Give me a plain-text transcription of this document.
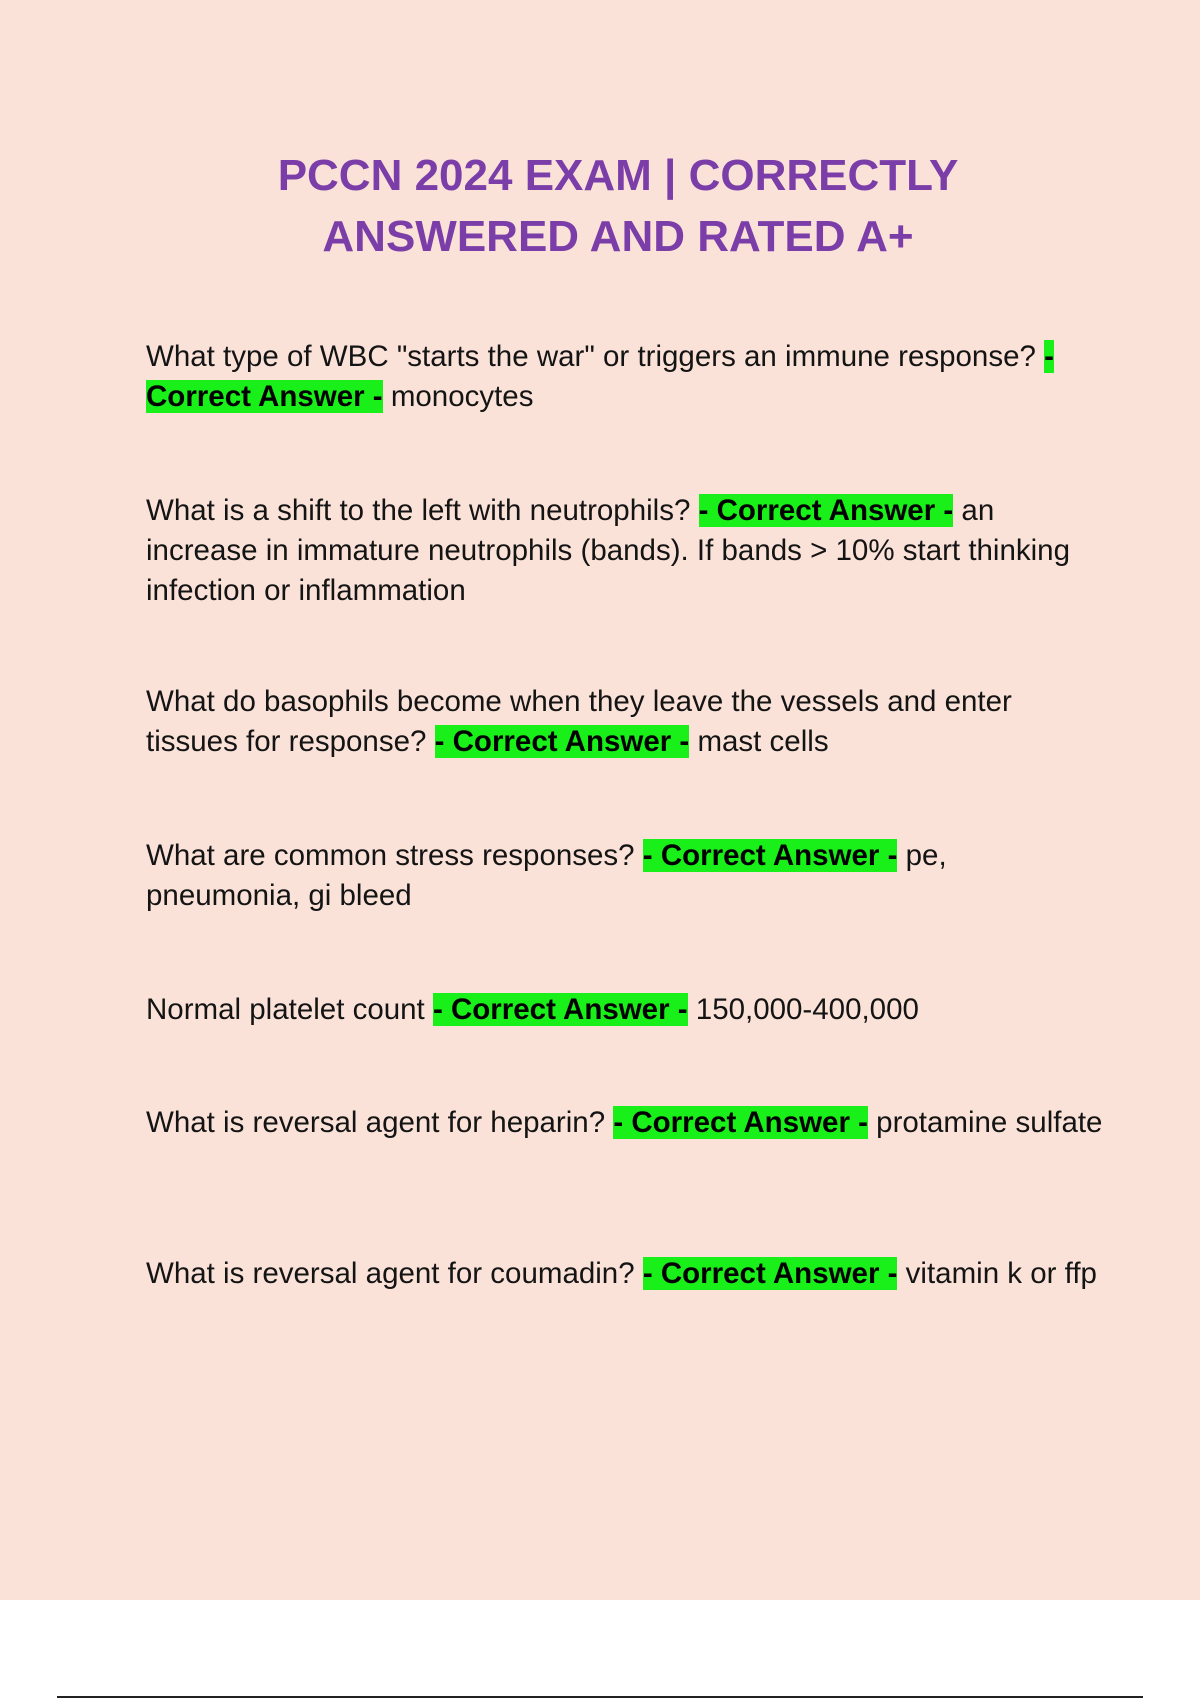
PCCN 2024 EXAM | CORRECTLY
ANSWERED AND RATED A+
What type of WBC "starts the war" or triggers an immune response? - Correct Answer - monocytes
What is a shift to the left with neutrophils? - Correct Answer - an increase in immature neutrophils (bands). If bands > 10% start thinking infection or inflammation
What do basophils become when they leave the vessels and enter tissues for response? - Correct Answer - mast cells
What are common stress responses? - Correct Answer - pe, pneumonia, gi bleed
Normal platelet count - Correct Answer - 150,000-400,000
What is reversal agent for heparin? - Correct Answer - protamine sulfate
What is reversal agent for coumadin? - Correct Answer - vitamin k or ffp
